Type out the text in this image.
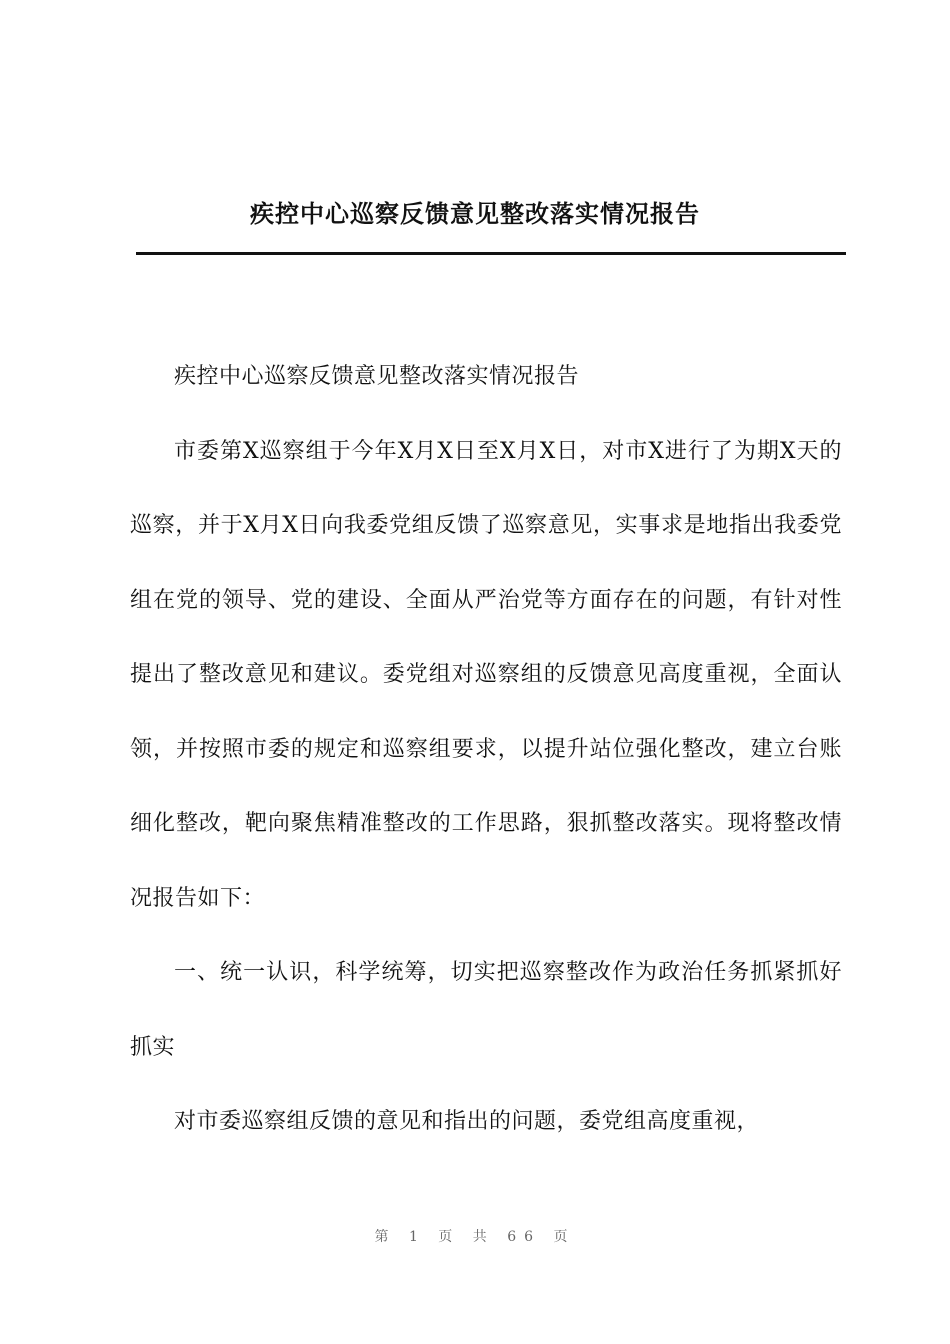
疾控中心巡察反馈意见整改落实情况报告

疾控中心巡察反馈意见整改落实情况报告

市委第X巡察组于今年X月X日至X月X日，对市X进行了为期X天的巡察，并于X月X日向我委党组反馈了巡察意见，实事求是地指出我委党组在党的领导、党的建设、全面从严治党等方面存在的问题，有针对性提出了整改意见和建议。委党组对巡察组的反馈意见高度重视，全面认领，并按照市委的规定和巡察组要求，以提升站位强化整改，建立台账细化整改，靶向聚焦精准整改的工作思路，狠抓整改落实。现将整改情况报告如下：

一、统一认识，科学统筹，切实把巡察整改作为政治任务抓紧抓好抓实

对市委巡察组反馈的意见和指出的问题，委党组高度重视，

第 1 页 共 66 页
